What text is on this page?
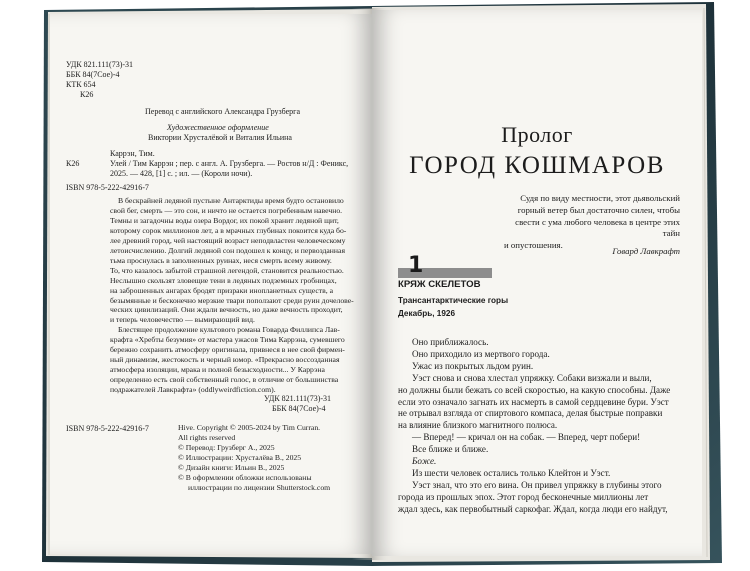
УДК 821.111(73)-31
ББК 84(7Сое)-4
КТК 654
К26
Перевод с английского Александра Грузберга
Художественное оформление
Виктории Хрусталёвой и Виталия Ильина
Каррэн, Тим.
К26	Улей / Тим Каррэн ; пер. с англ. А. Грузберга. — Ростов н/Д : Феникс,
2025. — 428, [1] с. ; ил. — (Короли ночи).
ISBN 978-5-222-42916-7
В бескрайней ледяной пустыне Антарктиды время будто остановило
свой бег, смерть — это сон, и ничто не остается погребенным навечно.
Темны и загадочны воды озера Вордог, их покой хранит ледяной щит,
которому сорок миллионов лет, а в мрачных глубинах покоится куда бо-
лее древний город, чей настоящий возраст неподвластен человеческому
летоисчислению. Долгий ледяной сон подошел к концу, и первозданная
тьма проснулась в заполненных руинах, неся смерть всему живому.
То, что казалось забытой страшной легендой, становится реальностью.
Неслышно скользят зловещие тени в ледяных подземных гробницах,
на заброшенных ангарах бродят призраки инопланетных существ, а
безымянные и бесконечно мерзкие твари поползают среди руин дочелове-
ческих цивилизаций. Они ждали вечность, но даже вечность проходит,
и теперь человечество — вымирающий вид.
Блестящее продолжение культового романа Говарда Филлипса Лав-
крафта «Хребты безумия» от мастера ужасов Тима Каррэна, сумевшего
бережно сохранить атмосферу оригинала, привнеся в нее свой фирмен-
ный динамизм, жестокость и черный юмор. «Прекрасно воссозданная
атмосфера изоляции, мрака и полной безысходности... У Каррэна
определенно есть свой собственный голос, в отличие от большинства
подражателей Лавкрафта» (oddlyweirdfiction.com).
УДК 821.111(73)-31
ББК 84(7Сое)-4
ISBN 978-5-222-42916-7	Hive. Copyright © 2005-2024 by Tim Curran.
All rights reserved
© Перевод: Грузберг А., 2025
© Иллюстрации: Хрусталёва В., 2025
© Дизайн книги: Ильин В., 2025
© В оформлении обложки использованы
иллюстрации по лицензии Shutterstock.com
Пролог
ГОРОД КОШМАРОВ
Судя по виду местности, этот дьявольский
горный ветер был достаточно силен, чтобы
свести с ума любого человека в центре этих тайн
и опустошения.
Говард Лавкрафт
1
КРЯЖ СКЕЛЕТОВ
Трансантарктические горы
Декабрь, 1926
Оно приближалось.
Оно приходило из мертвого города.
Ужас из покрытых льдом руин.
Уэст снова и снова хлестал упряжку. Собаки визжали и выли,
но должны были бежать со всей скоростью, на какую способны. Даже
если это означало загнать их насмерть в самой сердцевине бури. Уэст
не отрывал взгляда от спиртового компаса, делая быстрые поправки
на влияние близкого магнитного полюса.
— Вперед! — кричал он на собак. — Вперед, черт побери!
Все ближе и ближе.
Боже.
Из шести человек остались только Клейтон и Уэст.
Уэст знал, что это его вина. Он привел упряжку в глубины этого
города из прошлых эпох. Этот город бесконечные миллионы лет
ждал здесь, как первобытный саркофаг. Ждал, когда люди его найдут,
